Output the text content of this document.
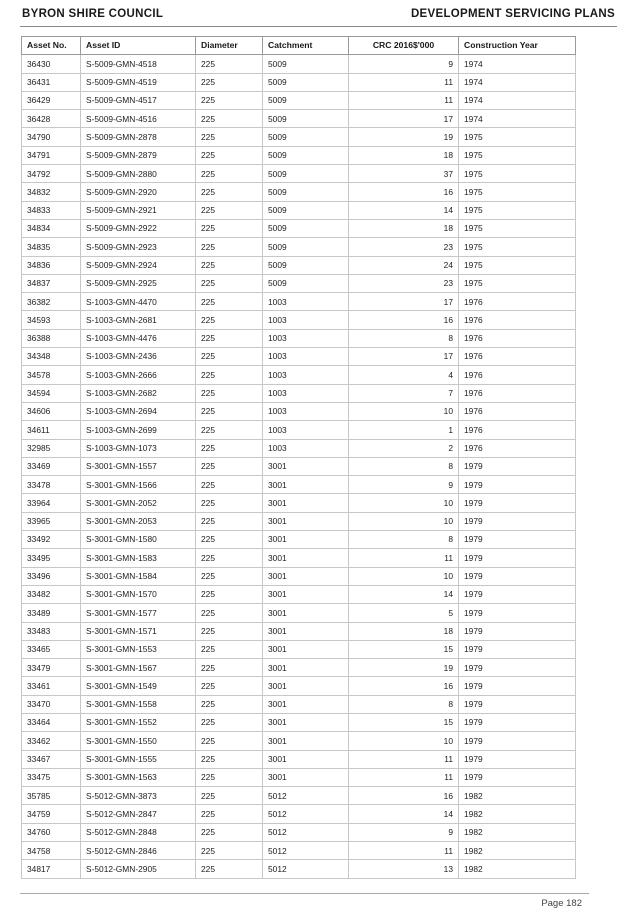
BYRON SHIRE COUNCIL	DEVELOPMENT SERVICING PLANS
Asset No.	Asset ID	Diameter	Catchment	CRC 2016$'000	Construction Year
36430	S-5009-GMN-4518	225	5009	9	1974
36431	S-5009-GMN-4519	225	5009	11	1974
36429	S-5009-GMN-4517	225	5009	11	1974
36428	S-5009-GMN-4516	225	5009	17	1974
34790	S-5009-GMN-2878	225	5009	19	1975
34791	S-5009-GMN-2879	225	5009	18	1975
34792	S-5009-GMN-2880	225	5009	37	1975
34832	S-5009-GMN-2920	225	5009	16	1975
34833	S-5009-GMN-2921	225	5009	14	1975
34834	S-5009-GMN-2922	225	5009	18	1975
34835	S-5009-GMN-2923	225	5009	23	1975
34836	S-5009-GMN-2924	225	5009	24	1975
34837	S-5009-GMN-2925	225	5009	23	1975
36382	S-1003-GMN-4470	225	1003	17	1976
34593	S-1003-GMN-2681	225	1003	16	1976
36388	S-1003-GMN-4476	225	1003	8	1976
34348	S-1003-GMN-2436	225	1003	17	1976
34578	S-1003-GMN-2666	225	1003	4	1976
34594	S-1003-GMN-2682	225	1003	7	1976
34606	S-1003-GMN-2694	225	1003	10	1976
34611	S-1003-GMN-2699	225	1003	1	1976
32985	S-1003-GMN-1073	225	1003	2	1976
33469	S-3001-GMN-1557	225	3001	8	1979
33478	S-3001-GMN-1566	225	3001	9	1979
33964	S-3001-GMN-2052	225	3001	10	1979
33965	S-3001-GMN-2053	225	3001	10	1979
33492	S-3001-GMN-1580	225	3001	8	1979
33495	S-3001-GMN-1583	225	3001	11	1979
33496	S-3001-GMN-1584	225	3001	10	1979
33482	S-3001-GMN-1570	225	3001	14	1979
33489	S-3001-GMN-1577	225	3001	5	1979
33483	S-3001-GMN-1571	225	3001	18	1979
33465	S-3001-GMN-1553	225	3001	15	1979
33479	S-3001-GMN-1567	225	3001	19	1979
33461	S-3001-GMN-1549	225	3001	16	1979
33470	S-3001-GMN-1558	225	3001	8	1979
33464	S-3001-GMN-1552	225	3001	15	1979
33462	S-3001-GMN-1550	225	3001	10	1979
33467	S-3001-GMN-1555	225	3001	11	1979
33475	S-3001-GMN-1563	225	3001	11	1979
35785	S-5012-GMN-3873	225	5012	16	1982
34759	S-5012-GMN-2847	225	5012	14	1982
34760	S-5012-GMN-2848	225	5012	9	1982
34758	S-5012-GMN-2846	225	5012	11	1982
34817	S-5012-GMN-2905	225	5012	13	1982
Page 182
